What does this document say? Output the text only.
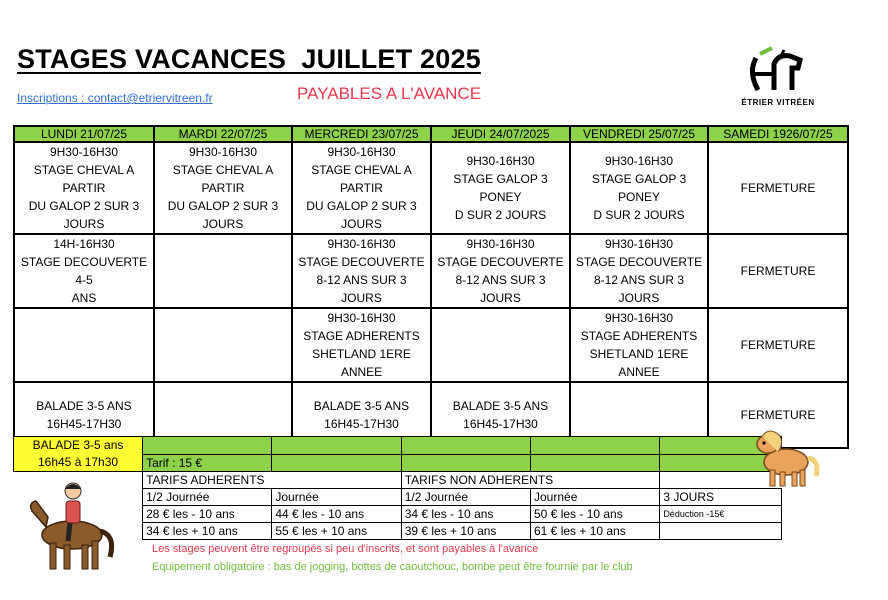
STAGES VACANCES  JUILLET 2025
Inscriptions : contact@etriervitreen.fr	PAYABLES A L'AVANCE	ÉTRIER VITRÉEN
LUNDI 21/07/25	MARDI 22/07/25	MERCREDI 23/07/25	JEUDI 24/07/2025	VENDREDI 25/07/25	SAMEDI 1926/07/25

9H30-16H30
STAGE CHEVAL A PARTIR
DU GALOP 2 SUR 3
JOURS	9H30-16H30
STAGE CHEVAL A PARTIR
DU GALOP 2 SUR 3
JOURS	9H30-16H30
STAGE CHEVAL A PARTIR
DU GALOP 2 SUR 3
JOURS	9H30-16H30
STAGE GALOP 3 PONEY
D SUR 2 JOURS	9H30-16H30
STAGE GALOP 3 PONEY
D SUR 2 JOURS	FERMETURE

14H-16H30
STAGE DECOUVERTE 4-5
ANS		9H30-16H30
STAGE DECOUVERTE
8-12 ANS SUR 3 JOURS	9H30-16H30
STAGE DECOUVERTE
8-12 ANS SUR 3 JOURS	9H30-16H30
STAGE DECOUVERTE
8-12 ANS SUR 3 JOURS	FERMETURE

		9H30-16H30
STAGE ADHERENTS
SHETLAND 1ERE ANNEE		9H30-16H30
STAGE ADHERENTS
SHETLAND 1ERE ANNEE	FERMETURE

BALADE 3-5 ANS
16H45-17H30		BALADE 3-5 ANS
16H45-17H30	BALADE 3-5 ANS
16H45-17H30		FERMETURE
BALADE 3-5 ans
16h45 à 17h30						

	Tarif : 15 €					
	TARIFS ADHERENTS		TARIFS NON ADHERENTS			
	1/2 Journée	Journée	1/2 Journée	Journée	3 JOURS	
	28 € les - 10 ans	44 € les - 10 ans	34 € les - 10 ans	50 € les - 10 ans	Déduction -15€	
	34 € les + 10 ans	55 € les + 10 ans	39 € les + 10 ans	61 € les + 10 ans		
Les stages peuvent être regroupés si peu d'inscrits, et sont payables à l'avance
Equipement obligatoire : bas de jogging, bottes de caoutchouc, bombe peut être fournie par le club
